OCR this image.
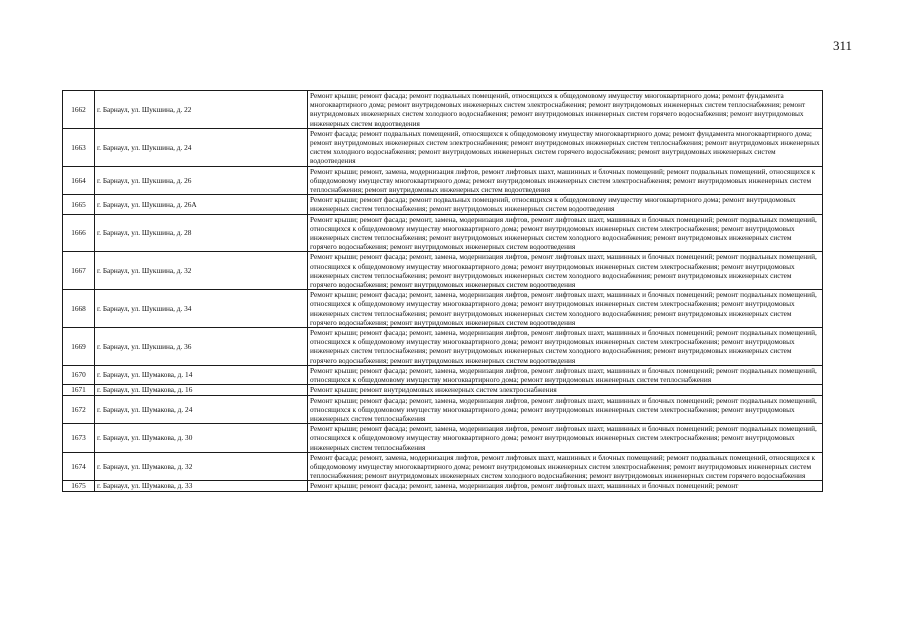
311
1662	г. Барнаул, ул. Шукшина, д. 22	Ремонт крыши; ремонт фасада; ремонт подвальных помещений, относящихся к общедомовому имуществу многоквартирного дома; ремонт фундамента многоквартирного дома; ремонт внутридомовых инженерных систем электроснабжения; ремонт внутридомовых инженерных систем теплоснабжения; ремонт внутридомовых инженерных систем холодного водоснабжения; ремонт внутридомовых инженерных систем горячего водоснабжения; ремонт внутридомовых инженерных систем водоотведения
1663	г. Барнаул, ул. Шукшина, д. 24	Ремонт фасада; ремонт подвальных помещений, относящихся к общедомовому имуществу многоквартирного дома; ремонт фундамента многоквартирного дома; ремонт внутридомовых инженерных систем электроснабжения; ремонт внутридомовых инженерных систем теплоснабжения; ремонт внутридомовых инженерных систем холодного водоснабжения; ремонт внутридомовых инженерных систем горячего водоснабжения; ремонт внутридомовых инженерных систем водоотведения
1664	г. Барнаул, ул. Шукшина, д. 26	Ремонт крыши; ремонт, замена, модернизация лифтов, ремонт лифтовых шахт, машинных и блочных помещений; ремонт подвальных помещений, относящихся к общедомовому имуществу многоквартирного дома; ремонт внутридомовых инженерных систем электроснабжения; ремонт внутридомовых инженерных систем теплоснабжения; ремонт внутридомовых инженерных систем водоотведения
1665	г. Барнаул, ул. Шукшина, д. 26А	Ремонт крыши; ремонт фасада; ремонт подвальных помещений, относящихся к общедомовому имуществу многоквартирного дома; ремонт внутридомовых инженерных систем теплоснабжения; ремонт внутридомовых инженерных систем водоотведения
1666	г. Барнаул, ул. Шукшина, д. 28	Ремонт крыши; ремонт фасада; ремонт, замена, модернизация лифтов, ремонт лифтовых шахт, машинных и блочных помещений; ремонт подвальных помещений, относящихся к общедомовому имуществу многоквартирного дома; ремонт внутридомовых инженерных систем электроснабжения; ремонт внутридомовых инженерных систем теплоснабжения; ремонт внутридомовых инженерных систем холодного водоснабжения; ремонт внутридомовых инженерных систем горячего водоснабжения; ремонт внутридомовых инженерных систем водоотведения
1667	г. Барнаул, ул. Шукшина, д. 32	Ремонт крыши; ремонт фасада; ремонт, замена, модернизация лифтов, ремонт лифтовых шахт, машинных и блочных помещений; ремонт подвальных помещений, относящихся к общедомовому имуществу многоквартирного дома; ремонт внутридомовых инженерных систем электроснабжения; ремонт внутридомовых инженерных систем теплоснабжения; ремонт внутридомовых инженерных систем холодного водоснабжения; ремонт внутридомовых инженерных систем горячего водоснабжения; ремонт внутридомовых инженерных систем водоотведения
1668	г. Барнаул, ул. Шукшина, д. 34	Ремонт крыши; ремонт фасада; ремонт, замена, модернизация лифтов, ремонт лифтовых шахт, машинных и блочных помещений; ремонт подвальных помещений, относящихся к общедомовому имуществу многоквартирного дома; ремонт внутридомовых инженерных систем электроснабжения; ремонт внутридомовых инженерных систем теплоснабжения; ремонт внутридомовых инженерных систем холодного водоснабжения; ремонт внутридомовых инженерных систем горячего водоснабжения; ремонт внутридомовых инженерных систем водоотведения
1669	г. Барнаул, ул. Шукшина, д. 36	Ремонт крыши; ремонт фасада; ремонт, замена, модернизация лифтов, ремонт лифтовых шахт, машинных и блочных помещений; ремонт подвальных помещений, относящихся к общедомовому имуществу многоквартирного дома; ремонт внутридомовых инженерных систем электроснабжения; ремонт внутридомовых инженерных систем теплоснабжения; ремонт внутридомовых инженерных систем холодного водоснабжения; ремонт внутридомовых инженерных систем горячего водоснабжения; ремонт внутридомовых инженерных систем водоотведения
1670	г. Барнаул, ул. Шумакова, д. 14	Ремонт крыши; ремонт фасада; ремонт, замена, модернизация лифтов, ремонт лифтовых шахт, машинных и блочных помещений; ремонт подвальных помещений, относящихся к общедомовому имуществу многоквартирного дома; ремонт внутридомовых инженерных систем теплоснабжения
1671	г. Барнаул, ул. Шумакова, д. 16	Ремонт крыши; ремонт внутридомовых инженерных систем электроснабжения
1672	г. Барнаул, ул. Шумакова, д. 24	Ремонт крыши; ремонт фасада; ремонт, замена, модернизация лифтов, ремонт лифтовых шахт, машинных и блочных помещений; ремонт подвальных помещений, относящихся к общедомовому имуществу многоквартирного дома; ремонт внутридомовых инженерных систем электроснабжения; ремонт внутридомовых инженерных систем теплоснабжения
1673	г. Барнаул, ул. Шумакова, д. 30	Ремонт крыши; ремонт фасада; ремонт, замена, модернизация лифтов, ремонт лифтовых шахт, машинных и блочных помещений; ремонт подвальных помещений, относящихся к общедомовому имуществу многоквартирного дома; ремонт внутридомовых инженерных систем электроснабжения; ремонт внутридомовых инженерных систем теплоснабжения
1674	г. Барнаул, ул. Шумакова, д. 32	Ремонт фасада; ремонт, замена, модернизация лифтов, ремонт лифтовых шахт, машинных и блочных помещений; ремонт подвальных помещений, относящихся к общедомовому имуществу многоквартирного дома; ремонт внутридомовых инженерных систем электроснабжения; ремонт внутридомовых инженерных систем теплоснабжения; ремонт внутридомовых инженерных систем холодного водоснабжения; ремонт внутридомовых инженерных систем горячего водоснабжения
1675	г. Барнаул, ул. Шумакова, д. 33	Ремонт крыши; ремонт фасада; ремонт, замена, модернизация лифтов, ремонт лифтовых шахт, машинных и блочных помещений; ремонт
